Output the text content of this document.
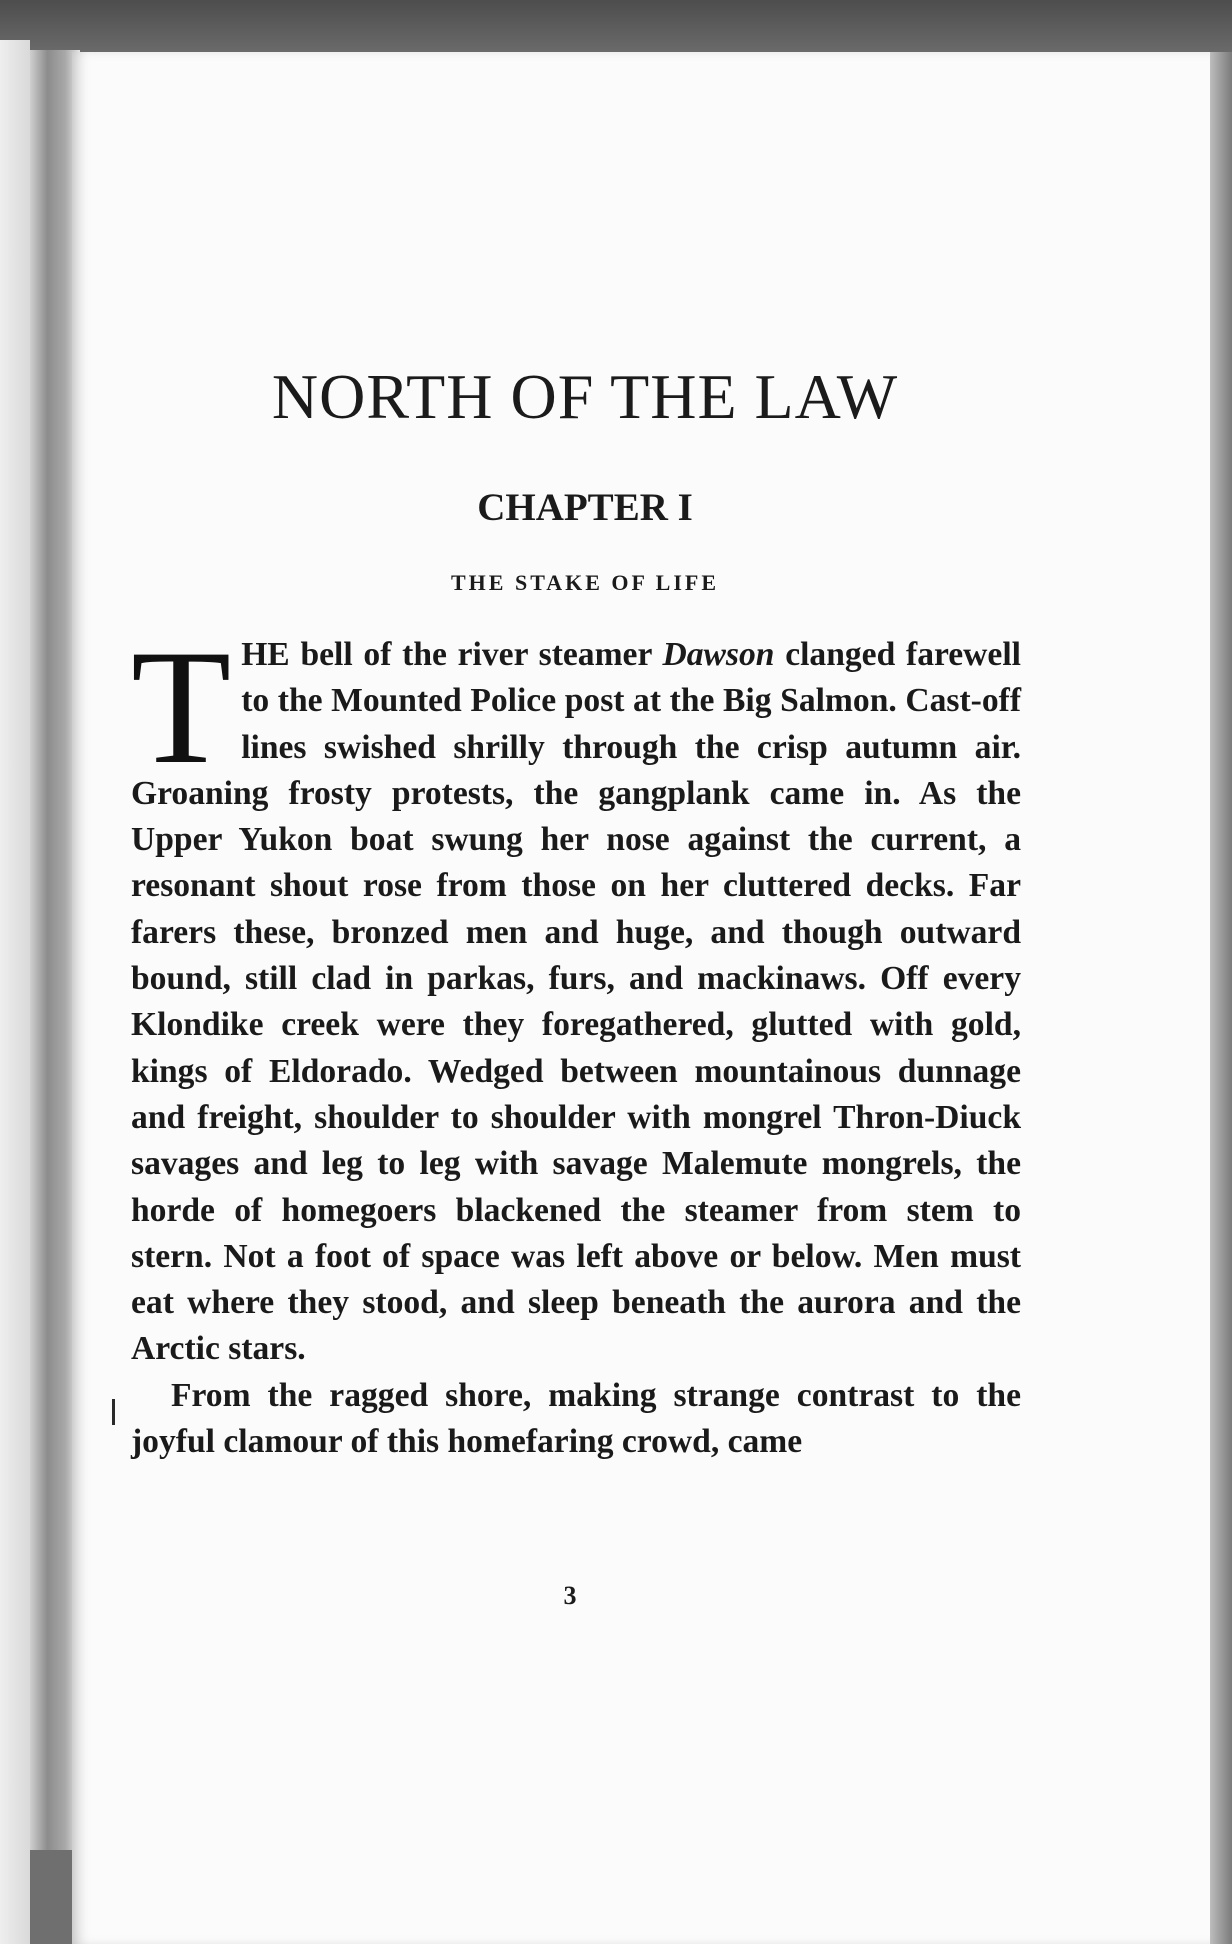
NORTH OF THE LAW
CHAPTER I
THE STAKE OF LIFE

THE bell of the river steamer Dawson clanged farewell to the Mounted Police post at the Big Salmon. Cast-off lines swished shrilly through the crisp autumn air. Groaning frosty protests, the gangplank came in. As the Upper Yukon boat swung her nose against the current, a resonant shout rose from those on her cluttered decks. Far farers these, bronzed men and huge, and though outward bound, still clad in parkas, furs, and mackinaws. Off every Klondike creek were they foregathered, glutted with gold, kings of Eldorado. Wedged between mountainous dunnage and freight, shoulder to shoulder with mongrel Thron-Diuck savages and leg to leg with savage Malemute mongrels, the horde of homegoers blackened the steamer from stem to stern. Not a foot of space was left above or below. Men must eat where they stood, and sleep beneath the aurora and the Arctic stars.

From the ragged shore, making strange contrast to the joyful clamour of this homefaring crowd, came

3
